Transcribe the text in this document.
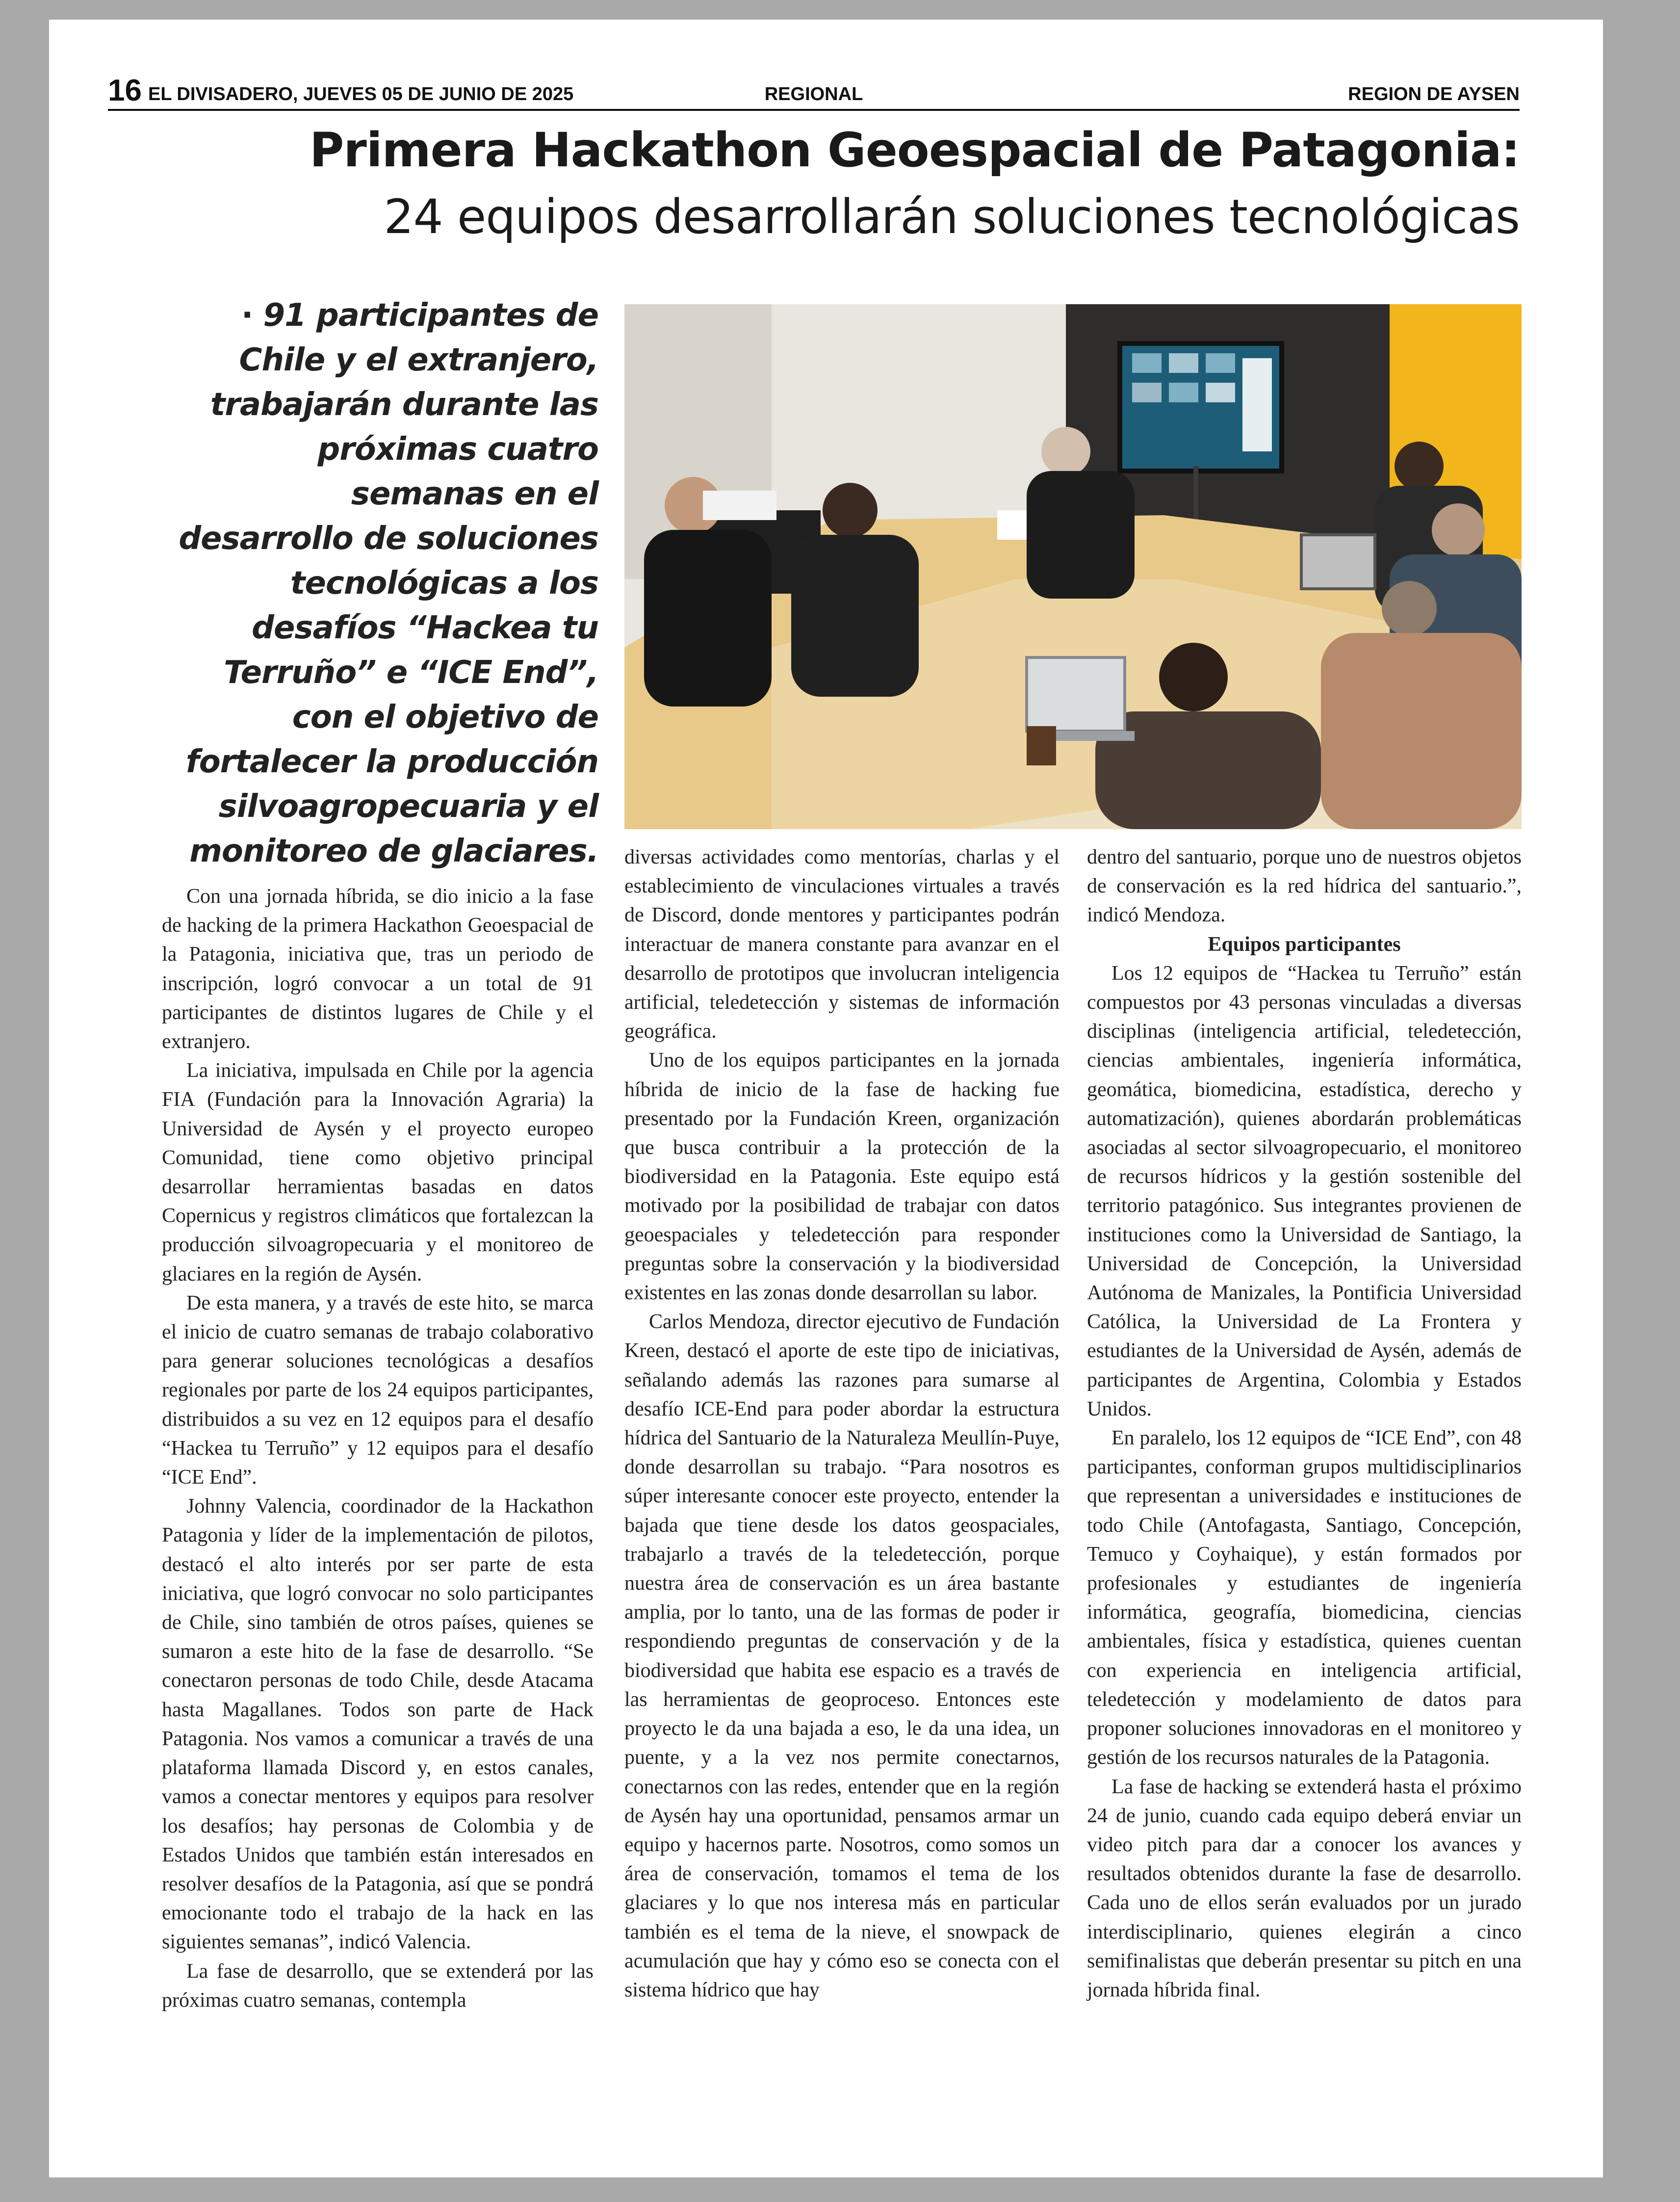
16 EL DIVISADERO, JUEVES 05 DE JUNIO DE 2025	REGIONAL	REGION DE AYSEN
Primera Hackathon Geoespacial de Patagonia:
24 equipos desarrollarán soluciones tecnológicas
· 91 participantes de Chile y el extranjero, trabajarán durante las próximas cuatro semanas en el desarrollo de soluciones tecnológicas a los desafíos “Hackea tu Terruño” e “ICE End”, con el objetivo de fortalecer la producción silvoagropecuaria y el monitoreo de glaciares.

Con una jornada híbrida, se dio inicio a la fase de hacking de la primera Hackathon Geoespacial de la Patagonia, iniciativa que, tras un periodo de inscripción, logró convocar a un total de 91 participantes de distintos lugares de Chile y el extranjero.

La iniciativa, impulsada en Chile por la agencia FIA (Fundación para la Innovación Agraria) la Universidad de Aysén y el proyecto europeo Comunidad, tiene como objetivo principal desarrollar herramientas basadas en datos Copernicus y registros climáticos que fortalezcan la producción silvoagropecuaria y el monitoreo de glaciares en la región de Aysén.

De esta manera, y a través de este hito, se marca el inicio de cuatro semanas de trabajo colaborativo para generar soluciones tecnológicas a desafíos regionales por parte de los 24 equipos participantes, distribuidos a su vez en 12 equipos para el desafío “Hackea tu Terruño” y 12 equipos para el desafío “ICE End”.

Johnny Valencia, coordinador de la Hackathon Patagonia y líder de la implementación de pilotos, destacó el alto interés por ser parte de esta iniciativa, que logró convocar no solo participantes de Chile, sino también de otros países, quienes se sumaron a este hito de la fase de desarrollo. “Se conectaron personas de todo Chile, desde Atacama hasta Magallanes. Todos son parte de Hack Patagonia. Nos vamos a comunicar a través de una plataforma llamada Discord y, en estos canales, vamos a conectar mentores y equipos para resolver los desafíos; hay personas de Colombia y de Estados Unidos que también están interesados en resolver desafíos de la Patagonia, así que se pondrá emocionante todo el trabajo de la hack en las siguientes semanas”, indicó Valencia.

La fase de desarrollo, que se extenderá por las próximas cuatro semanas, contempla

diversas actividades como mentorías, charlas y el establecimiento de vinculaciones virtuales a través de Discord, donde mentores y participantes podrán interactuar de manera constante para avanzar en el desarrollo de prototipos que involucran inteligencia artificial, teledetección y sistemas de información geográfica.

Uno de los equipos participantes en la jornada híbrida de inicio de la fase de hacking fue presentado por la Fundación Kreen, organización que busca contribuir a la protección de la biodiversidad en la Patagonia. Este equipo está motivado por la posibilidad de trabajar con datos geoespaciales y teledetección para responder preguntas sobre la conservación y la biodiversidad existentes en las zonas donde desarrollan su labor.

Carlos Mendoza, director ejecutivo de Fundación Kreen, destacó el aporte de este tipo de iniciativas, señalando además las razones para sumarse al desafío ICE-End para poder abordar la estructura hídrica del Santuario de la Naturaleza Meullín-Puye, donde desarrollan su trabajo. “Para nosotros es súper interesante conocer este proyecto, entender la bajada que tiene desde los datos geospaciales, trabajarlo a través de la teledetección, porque nuestra área de conservación es un área bastante amplia, por lo tanto, una de las formas de poder ir respondiendo preguntas de conservación y de la biodiversidad que habita ese espacio es a través de las herramientas de geoproceso. Entonces este proyecto le da una bajada a eso, le da una idea, un puente, y a la vez nos permite conectarnos, conectarnos con las redes, entender que en la región de Aysén hay una oportunidad, pensamos armar un equipo y hacernos parte. Nosotros, como somos un área de conservación, tomamos el tema de los glaciares y lo que nos interesa más en particular también es el tema de la nieve, el snowpack de acumulación que hay y cómo eso se conecta con el sistema hídrico que hay

dentro del santuario, porque uno de nuestros objetos de conservación es la red hídrica del santuario.”, indicó Mendoza.

Equipos participantes

Los 12 equipos de “Hackea tu Terruño” están compuestos por 43 personas vinculadas a diversas disciplinas (inteligencia artificial, teledetección, ciencias ambientales, ingeniería informática, geomática, biomedicina, estadística, derecho y automatización), quienes abordarán problemáticas asociadas al sector silvoagropecuario, el monitoreo de recursos hídricos y la gestión sostenible del territorio patagónico. Sus integrantes provienen de instituciones como la Universidad de Santiago, la Universidad de Concepción, la Universidad Autónoma de Manizales, la Pontificia Universidad Católica, la Universidad de La Frontera y estudiantes de la Universidad de Aysén, además de participantes de Argentina, Colombia y Estados Unidos.

En paralelo, los 12 equipos de “ICE End”, con 48 participantes, conforman grupos multidisciplinarios que representan a universidades e instituciones de todo Chile (Antofagasta, Santiago, Concepción, Temuco y Coyhaique), y están formados por profesionales y estudiantes de ingeniería informática, geografía, biomedicina, ciencias ambientales, física y estadística, quienes cuentan con experiencia en inteligencia artificial, teledetección y modelamiento de datos para proponer soluciones innovadoras en el monitoreo y gestión de los recursos naturales de la Patagonia.

La fase de hacking se extenderá hasta el próximo 24 de junio, cuando cada equipo deberá enviar un video pitch para dar a conocer los avances y resultados obtenidos durante la fase de desarrollo. Cada uno de ellos serán evaluados por un jurado interdisciplinario, quienes elegirán a cinco semifinalistas que deberán presentar su pitch en una jornada híbrida final.
